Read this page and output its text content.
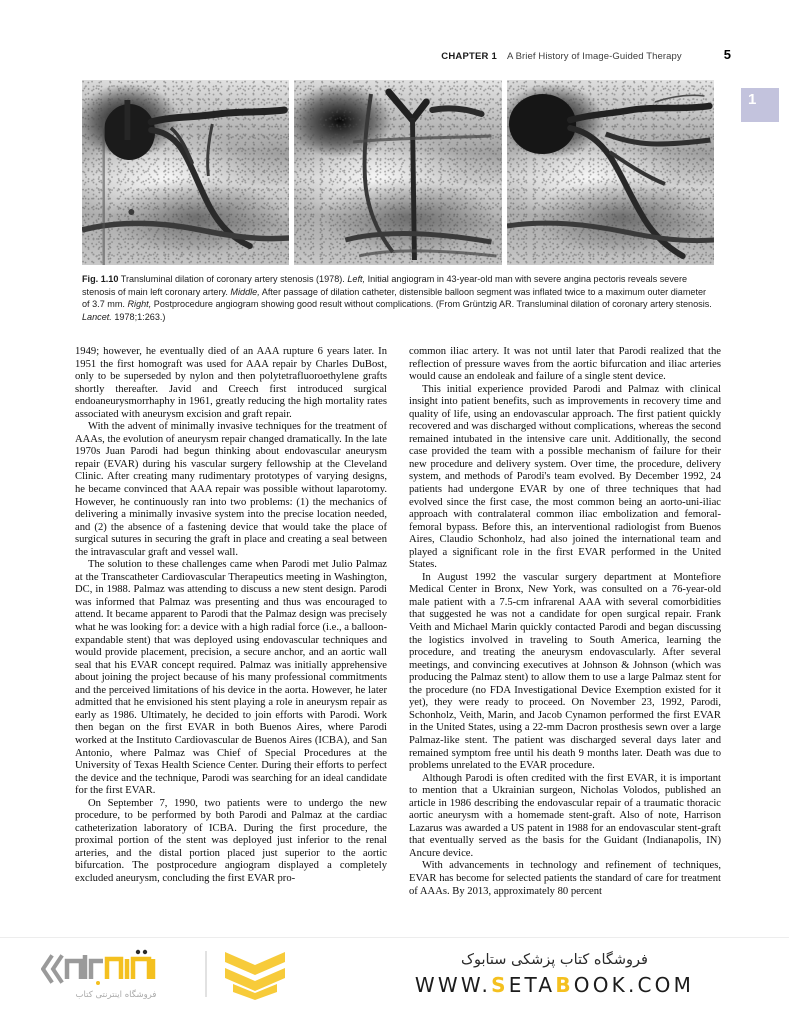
CHAPTER 1 A Brief History of Image-Guided Therapy	5
1
Fig. 1.10 Transluminal dilation of coronary artery stenosis (1978). Left, Initial angiogram in 43-year-old man with severe angina pectoris reveals severe stenosis of main left coronary artery. Middle, After passage of dilation catheter, distensible balloon segment was inflated twice to a maximum outer diameter of 3.7 mm. Right, Postprocedure angiogram showing good result without complications. (From Grüntzig AR. Transluminal dilation of coronary artery stenosis. Lancet. 1978;1:263.)

1949; however, he eventually died of an AAA rupture 6 years later. In 1951 the first homograft was used for AAA repair by Charles DuBost, only to be superseded by nylon and then polytetrafluoroethylene grafts shortly thereafter. Javid and Creech first introduced surgical endoaneurysmorrhaphy in 1961, greatly reducing the high mortality rates associated with aneurysm excision and graft repair.

With the advent of minimally invasive techniques for the treatment of AAAs, the evolution of aneurysm repair changed dramatically. In the late 1970s Juan Parodi had begun thinking about endovascular aneurysm repair (EVAR) during his vascular surgery fellowship at the Cleveland Clinic. After creating many rudimentary prototypes of varying designs, he became convinced that AAA repair was possible without laparotomy. However, he continuously ran into two problems: (1) the mechanics of delivering a minimally invasive system into the precise location needed, and (2) the absence of a fastening device that would take the place of surgical sutures in securing the graft in place and creating a seal between the intravascular graft and vessel wall.

The solution to these challenges came when Parodi met Julio Palmaz at the Transcatheter Cardiovascular Therapeutics meeting in Washington, DC, in 1988. Palmaz was attending to discuss a new stent design. Parodi was informed that Palmaz was presenting and thus was encouraged to attend. It became apparent to Parodi that the Palmaz design was precisely what he was looking for: a device with a high radial force (i.e., a balloon-expandable stent) that was deployed using endovascular techniques and would provide placement, precision, a secure anchor, and an aortic wall seal that his EVAR concept required. Palmaz was initially apprehensive about joining the project because of his many professional commitments and the perceived limitations of his device in the aorta. However, he later admitted that he envisioned his stent playing a role in aneurysm repair as early as 1986. Ultimately, he decided to join efforts with Parodi. Work then began on the first EVAR in both Buenos Aires, where Parodi worked at the Instituto Cardiovascular de Buenos Aires (ICBA), and San Antonio, where Palmaz was Chief of Special Procedures at the University of Texas Health Science Center. During their efforts to perfect the device and the technique, Parodi was searching for an ideal candidate for the first EVAR.

On September 7, 1990, two patients were to undergo the new procedure, to be performed by both Parodi and Palmaz at the cardiac catheterization laboratory of ICBA. During the first procedure, the proximal portion of the stent was deployed just inferior to the renal arteries, and the distal portion placed just superior to the aortic bifurcation. The postprocedure angiogram displayed a completely excluded aneurysm, concluding the first EVAR pro-

common iliac artery. It was not until later that Parodi realized that the reflection of pressure waves from the aortic bifurcation and iliac arteries would cause an endoleak and failure of a single stent device.

This initial experience provided Parodi and Palmaz with clinical insight into patient benefits, such as improvements in recovery time and quality of life, using an endovascular approach. The first patient quickly recovered and was discharged without complications, whereas the second remained intubated in the intensive care unit. Additionally, the second case provided the team with a possible mechanism of failure for their new procedure and delivery system. Over time, the procedure, delivery system, and methods of Parodi's team evolved. By December 1992, 24 patients had undergone EVAR by one of three techniques that had evolved since the first case, the most common being an aorto-uni-iliac approach with contralateral common iliac embolization and femoral-femoral bypass. Before this, an interventional radiologist from Buenos Aires, Claudio Schonholz, had also joined the international team and played a significant role in the first EVAR performed in the United States.

In August 1992 the vascular surgery department at Montefiore Medical Center in Bronx, New York, was consulted on a 76-year-old male patient with a 7.5-cm infrarenal AAA with several comorbidities that suggested he was not a candidate for open surgical repair. Frank Veith and Michael Marin quickly contacted Parodi and began discussing the logistics involved in traveling to South America, learning the procedure, and treating the aneurysm endovascularly. After several meetings, and convincing executives at Johnson & Johnson (which was producing the Palmaz stent) to allow them to use a large Palmaz stent for the procedure (no FDA Investigational Device Exemption existed for it yet), they were ready to proceed. On November 23, 1992, Parodi, Schonholz, Veith, Marin, and Jacob Cynamon performed the first EVAR in the United States, using a 22-mm Dacron prosthesis sewn over a large Palmaz-like stent. The patient was discharged several days later and remained symptom free until his death 9 months later. Death was due to problems unrelated to the EVAR procedure.

Although Parodi is often credited with the first EVAR, it is important to mention that a Ukrainian surgeon, Nicholas Volodos, published an article in 1986 describing the endovascular repair of a traumatic thoracic aortic aneurysm with a homemade stent-graft. Also of note, Harrison Lazarus was awarded a US patent in 1988 for an endovascular stent-graft that eventually served as the basis for the Guidant (Indianapolis, IN) Ancure device.

With advancements in technology and refinement of techniques, EVAR has become for selected patients the standard of care for treatment of AAAs. By 2013, approximately 80 percent

فروشگاه اینترنتی کتاب
فروشگاه کتاب پزشکی ستابوک
WWW.SETABOOK.COM
